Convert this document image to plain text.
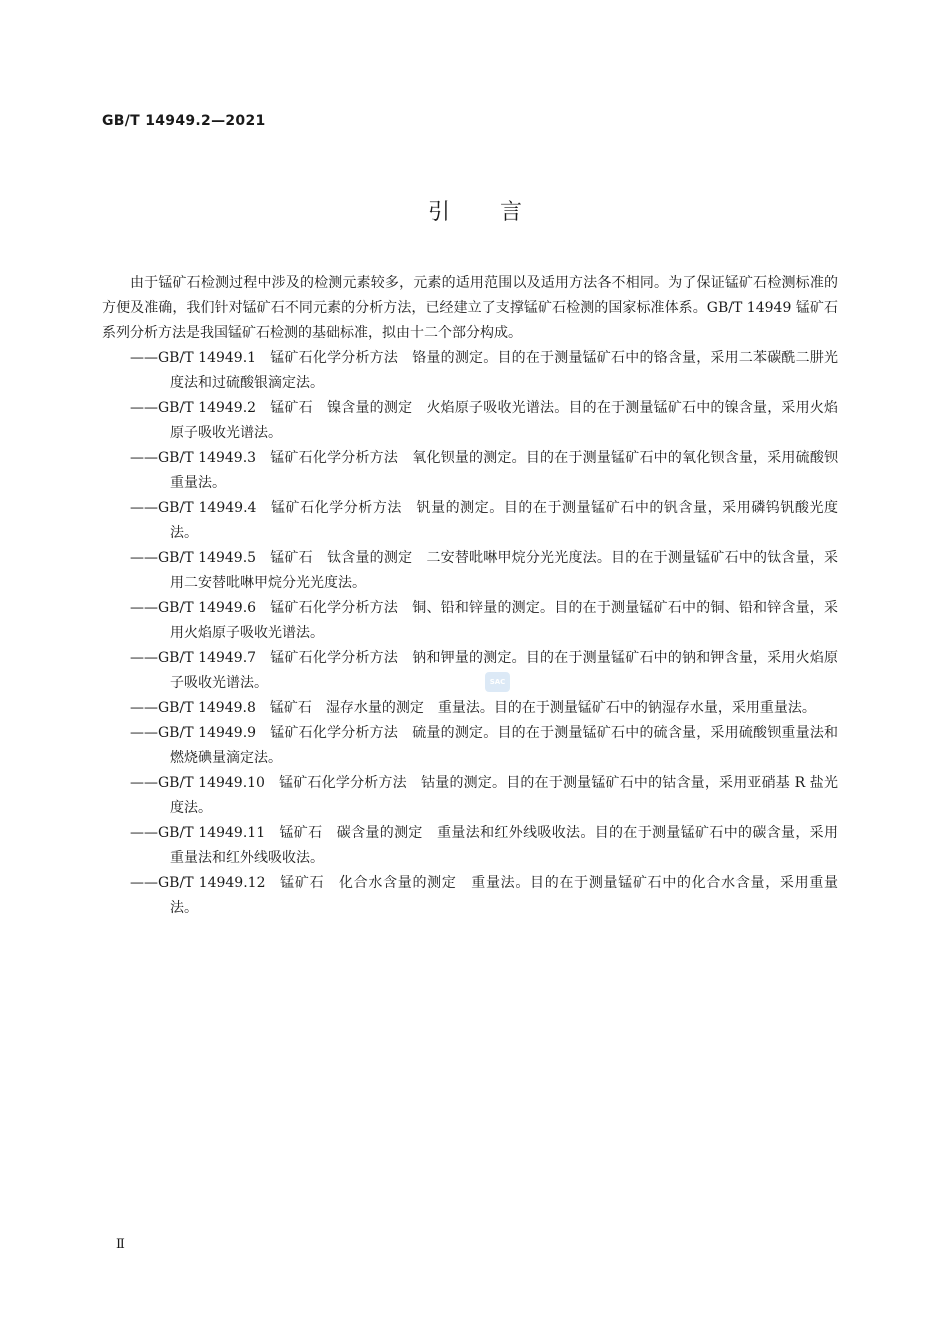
GB/T 14949.2—2021
引言

由于锰矿石检测过程中涉及的检测元素较多，元素的适用范围以及适用方法各不相同。为了保证锰矿石检测标准的方便及准确，我们针对锰矿石不同元素的分析方法，已经建立了支撑锰矿石检测的国家标准体系。GB/T 14949 锰矿石系列分析方法是我国锰矿石检测的基础标准，拟由十二个部分构成。

——GB/T 14949.1 锰矿石化学分析方法 铬量的测定。目的在于测量锰矿石中的铬含量，采用二苯碳酰二肼光度法和过硫酸银滴定法。
——GB/T 14949.2 锰矿石 镍含量的测定　火焰原子吸收光谱法。目的在于测量锰矿石中的镍含量，采用火焰原子吸收光谱法。
——GB/T 14949.3 锰矿石化学分析方法 氧化钡量的测定。目的在于测量锰矿石中的氧化钡含量，采用硫酸钡重量法。
——GB/T 14949.4 锰矿石化学分析方法 钒量的测定。目的在于测量锰矿石中的钒含量，采用磷钨钒酸光度法。
——GB/T 14949.5 锰矿石 钛含量的测定　二安替吡啉甲烷分光光度法。目的在于测量锰矿石中的钛含量，采用二安替吡啉甲烷分光光度法。
——GB/T 14949.6 锰矿石化学分析方法 铜、铅和锌量的测定。目的在于测量锰矿石中的铜、铅和锌含量，采用火焰原子吸收光谱法。
——GB/T 14949.7 锰矿石化学分析方法 钠和钾量的测定。目的在于测量锰矿石中的钠和钾含量，采用火焰原子吸收光谱法。
——GB/T 14949.8 锰矿石 湿存水量的测定　重量法。目的在于测量锰矿石中的钠湿存水量，采用重量法。
——GB/T 14949.9 锰矿石化学分析方法 硫量的测定。目的在于测量锰矿石中的硫含量，采用硫酸钡重量法和燃烧碘量滴定法。
——GB/T 14949.10 锰矿石化学分析方法 钴量的测定。目的在于测量锰矿石中的钴含量，采用亚硝基 R 盐光度法。
——GB/T 14949.11 锰矿石 碳含量的测定　重量法和红外线吸收法。目的在于测量锰矿石中的碳含量，采用重量法和红外线吸收法。
——GB/T 14949.12 锰矿石 化合水含量的测定　重量法。目的在于测量锰矿石中的化合水含量，采用重量法。
SAC
Ⅱ
